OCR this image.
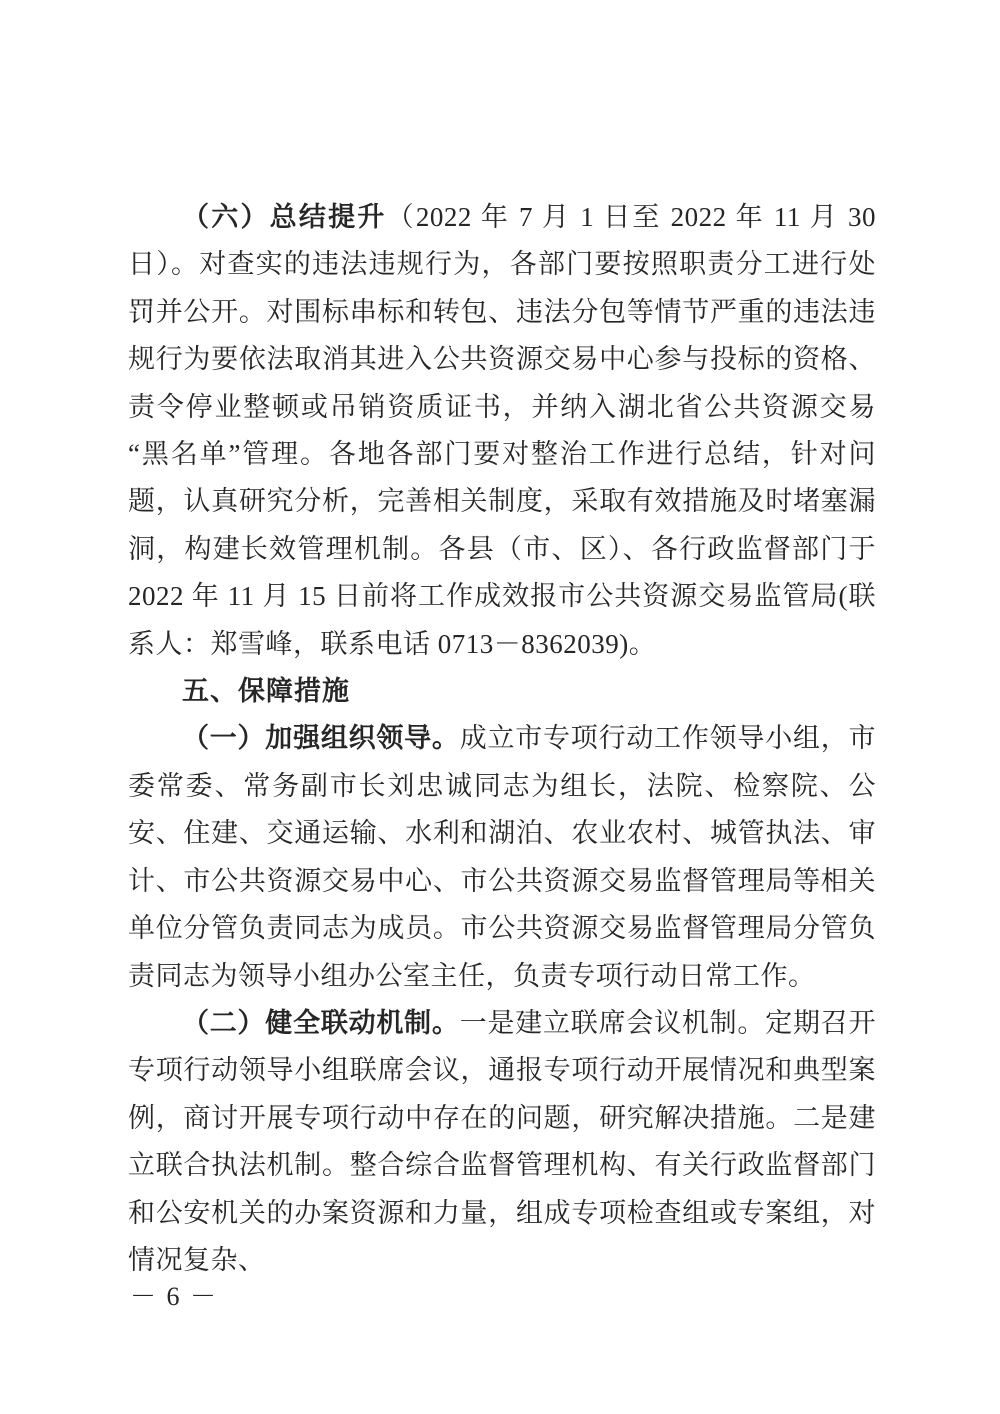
（六）总结提升（2022 年 7 月 1 日至 2022 年 11 月 30 日）。对查实的违法违规行为，各部门要按照职责分工进行处罚并公开。对围标串标和转包、违法分包等情节严重的违法违规行为要依法取消其进入公共资源交易中心参与投标的资格、责令停业整顿或吊销资质证书，并纳入湖北省公共资源交易“黑名单”管理。各地各部门要对整治工作进行总结，针对问题，认真研究分析，完善相关制度，采取有效措施及时堵塞漏洞，构建长效管理机制。各县（市、区）、各行政监督部门于 2022 年 11 月 15 日前将工作成效报市公共资源交易监管局(联系人：郑雪峰，联系电话 0713－8362039)。

五、保障措施

（一）加强组织领导。成立市专项行动工作领导小组，市委常委、常务副市长刘忠诚同志为组长，法院、检察院、公安、住建、交通运输、水利和湖泊、农业农村、城管执法、审计、市公共资源交易中心、市公共资源交易监督管理局等相关单位分管负责同志为成员。市公共资源交易监督管理局分管负责同志为领导小组办公室主任，负责专项行动日常工作。

（二）健全联动机制。一是建立联席会议机制。定期召开专项行动领导小组联席会议，通报专项行动开展情况和典型案例，商讨开展专项行动中存在的问题，研究解决措施。二是建立联合执法机制。整合综合监督管理机构、有关行政监督部门和公安机关的办案资源和力量，组成专项检查组或专案组，对情况复杂、

－ 6 －
